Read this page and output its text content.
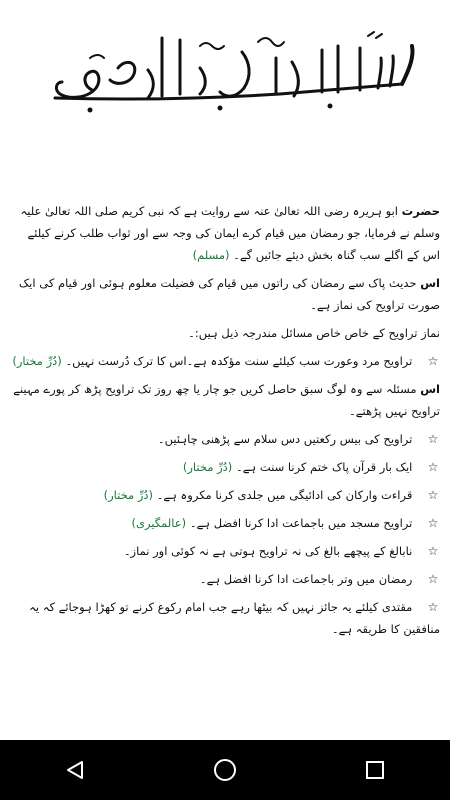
حضرت ابو ہریرہ رضی اللہ تعالیٰ عنہ سے روایت ہے کہ نبی کریم صلی اللہ تعالیٰ علیہ وسلم نے فرمایا، جو رمضان میں قیام کرے ایمان کی وجہ سے اور ثواب طلب کرنے کیلئے اس کے اگلے سب گناہ بخش دیئے جائیں گے۔ (مسلم)

اس حدیث پاک سے رمضان کی راتوں میں قیام کی فضیلت معلوم ہوئی اور قیام کی ایک صورت تراویح کی نماز ہے۔

نماز تراویح کے خاص خاص مسائل مندرجہ ذیل ہیں:۔

☆ تراویح مرد وعورت سب کیلئے سنت مؤکدہ ہے۔اس کا ترک دُرست نہیں۔ (دُرِّ مختار)

اس مسئلہ سے وہ لوگ سبق حاصل کریں جو چار یا چھ روز تک تراویح پڑھ کر پورے مہینے تراویح نہیں پڑھتے۔

☆ تراویح کی بیس رکعتیں دس سلام سے پڑھنی چاہئیں۔

☆ ایک بار قرآن پاک ختم کرنا سنت ہے۔ (دُرِّ مختار)

☆ قراءت وارکان کی ادائیگی میں جلدی کرنا مکروہ ہے۔ (دُرِّ مختار)

☆ تراویح مسجد میں باجماعت ادا کرنا افضل ہے۔ (عالمگیری)

☆ نابالغ کے پیچھے بالغ کی نہ تراویح ہوتی ہے نہ کوئی اور نماز۔

☆ رمضان میں وتر باجماعت ادا کرنا افضل ہے۔

☆ مقتدی کیلئے یہ جائز نہیں کہ بیٹھا رہے جب امام رکوع کرنے تو کھڑا ہوجائے کہ یہ منافقین کا طریقہ ہے۔
